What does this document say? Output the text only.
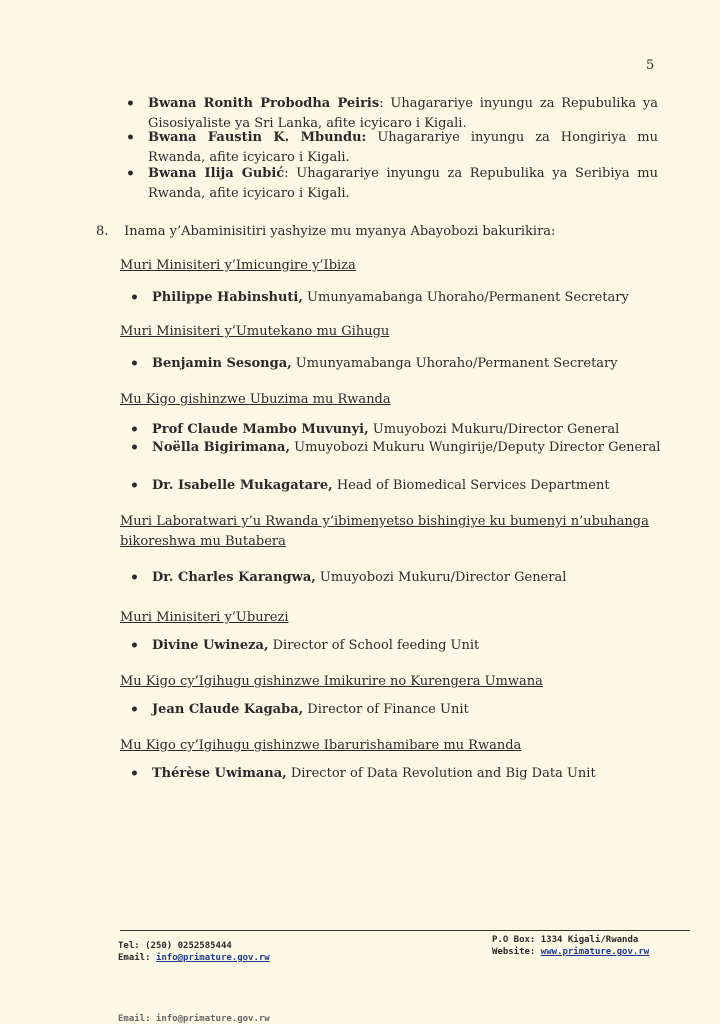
5
• Bwana Ronith Probodha Peiris: Uhagarariye inyungu za Repubulika ya Gisosiyaliste ya Sri Lanka, afite icyicaro i Kigali.
• Bwana Faustin K. Mbundu: Uhagarariye inyungu za Hongiriya mu Rwanda, afite icyicaro i Kigali.
• Bwana Ilija Gubić: Uhagarariye inyungu za Repubulika ya Seribiya mu Rwanda, afite icyicaro i Kigali.
8. Inama y’Abaminisitiri yashyize mu myanya Abayobozi bakurikira:
Muri Minisiteri y’Imicungire y’Ibiza
• Philippe Habinshuti, Umunyamabanga Uhoraho/Permanent Secretary
Muri Minisiteri y’Umutekano mu Gihugu
• Benjamin Sesonga, Umunyamabanga Uhoraho/Permanent Secretary
Mu Kigo gishinzwe Ubuzima mu Rwanda
• Prof Claude Mambo Muvunyi, Umuyobozi Mukuru/Director General
• Noëlla Bigirimana, Umuyobozi Mukuru Wungirije/Deputy Director General
• Dr. Isabelle Mukagatare, Head of Biomedical Services Department
Muri Laboratwari y’u Rwanda y’ibimenyetso bishingiye ku bumenyi n’ubuhanga bikoreshwa mu Butabera
• Dr. Charles Karangwa, Umuyobozi Mukuru/Director General
Muri Minisiteri y’Uburezi
• Divine Uwineza, Director of School feeding Unit
Mu Kigo cy’Igihugu gishinzwe Imikurire no Kurengera Umwana
• Jean Claude Kagaba, Director of Finance Unit
Mu Kigo cy’Igihugu gishinzwe Ibarurishamibare mu Rwanda
• Thérèse Uwimana, Director of Data Revolution and Big Data Unit
Tel: (250) 0252585444
Email: info@primature.gov.rw
P.O Box: 1334 Kigali/Rwanda
Website: www.primature.gov.rw
Email: info@primature.gov.rw
